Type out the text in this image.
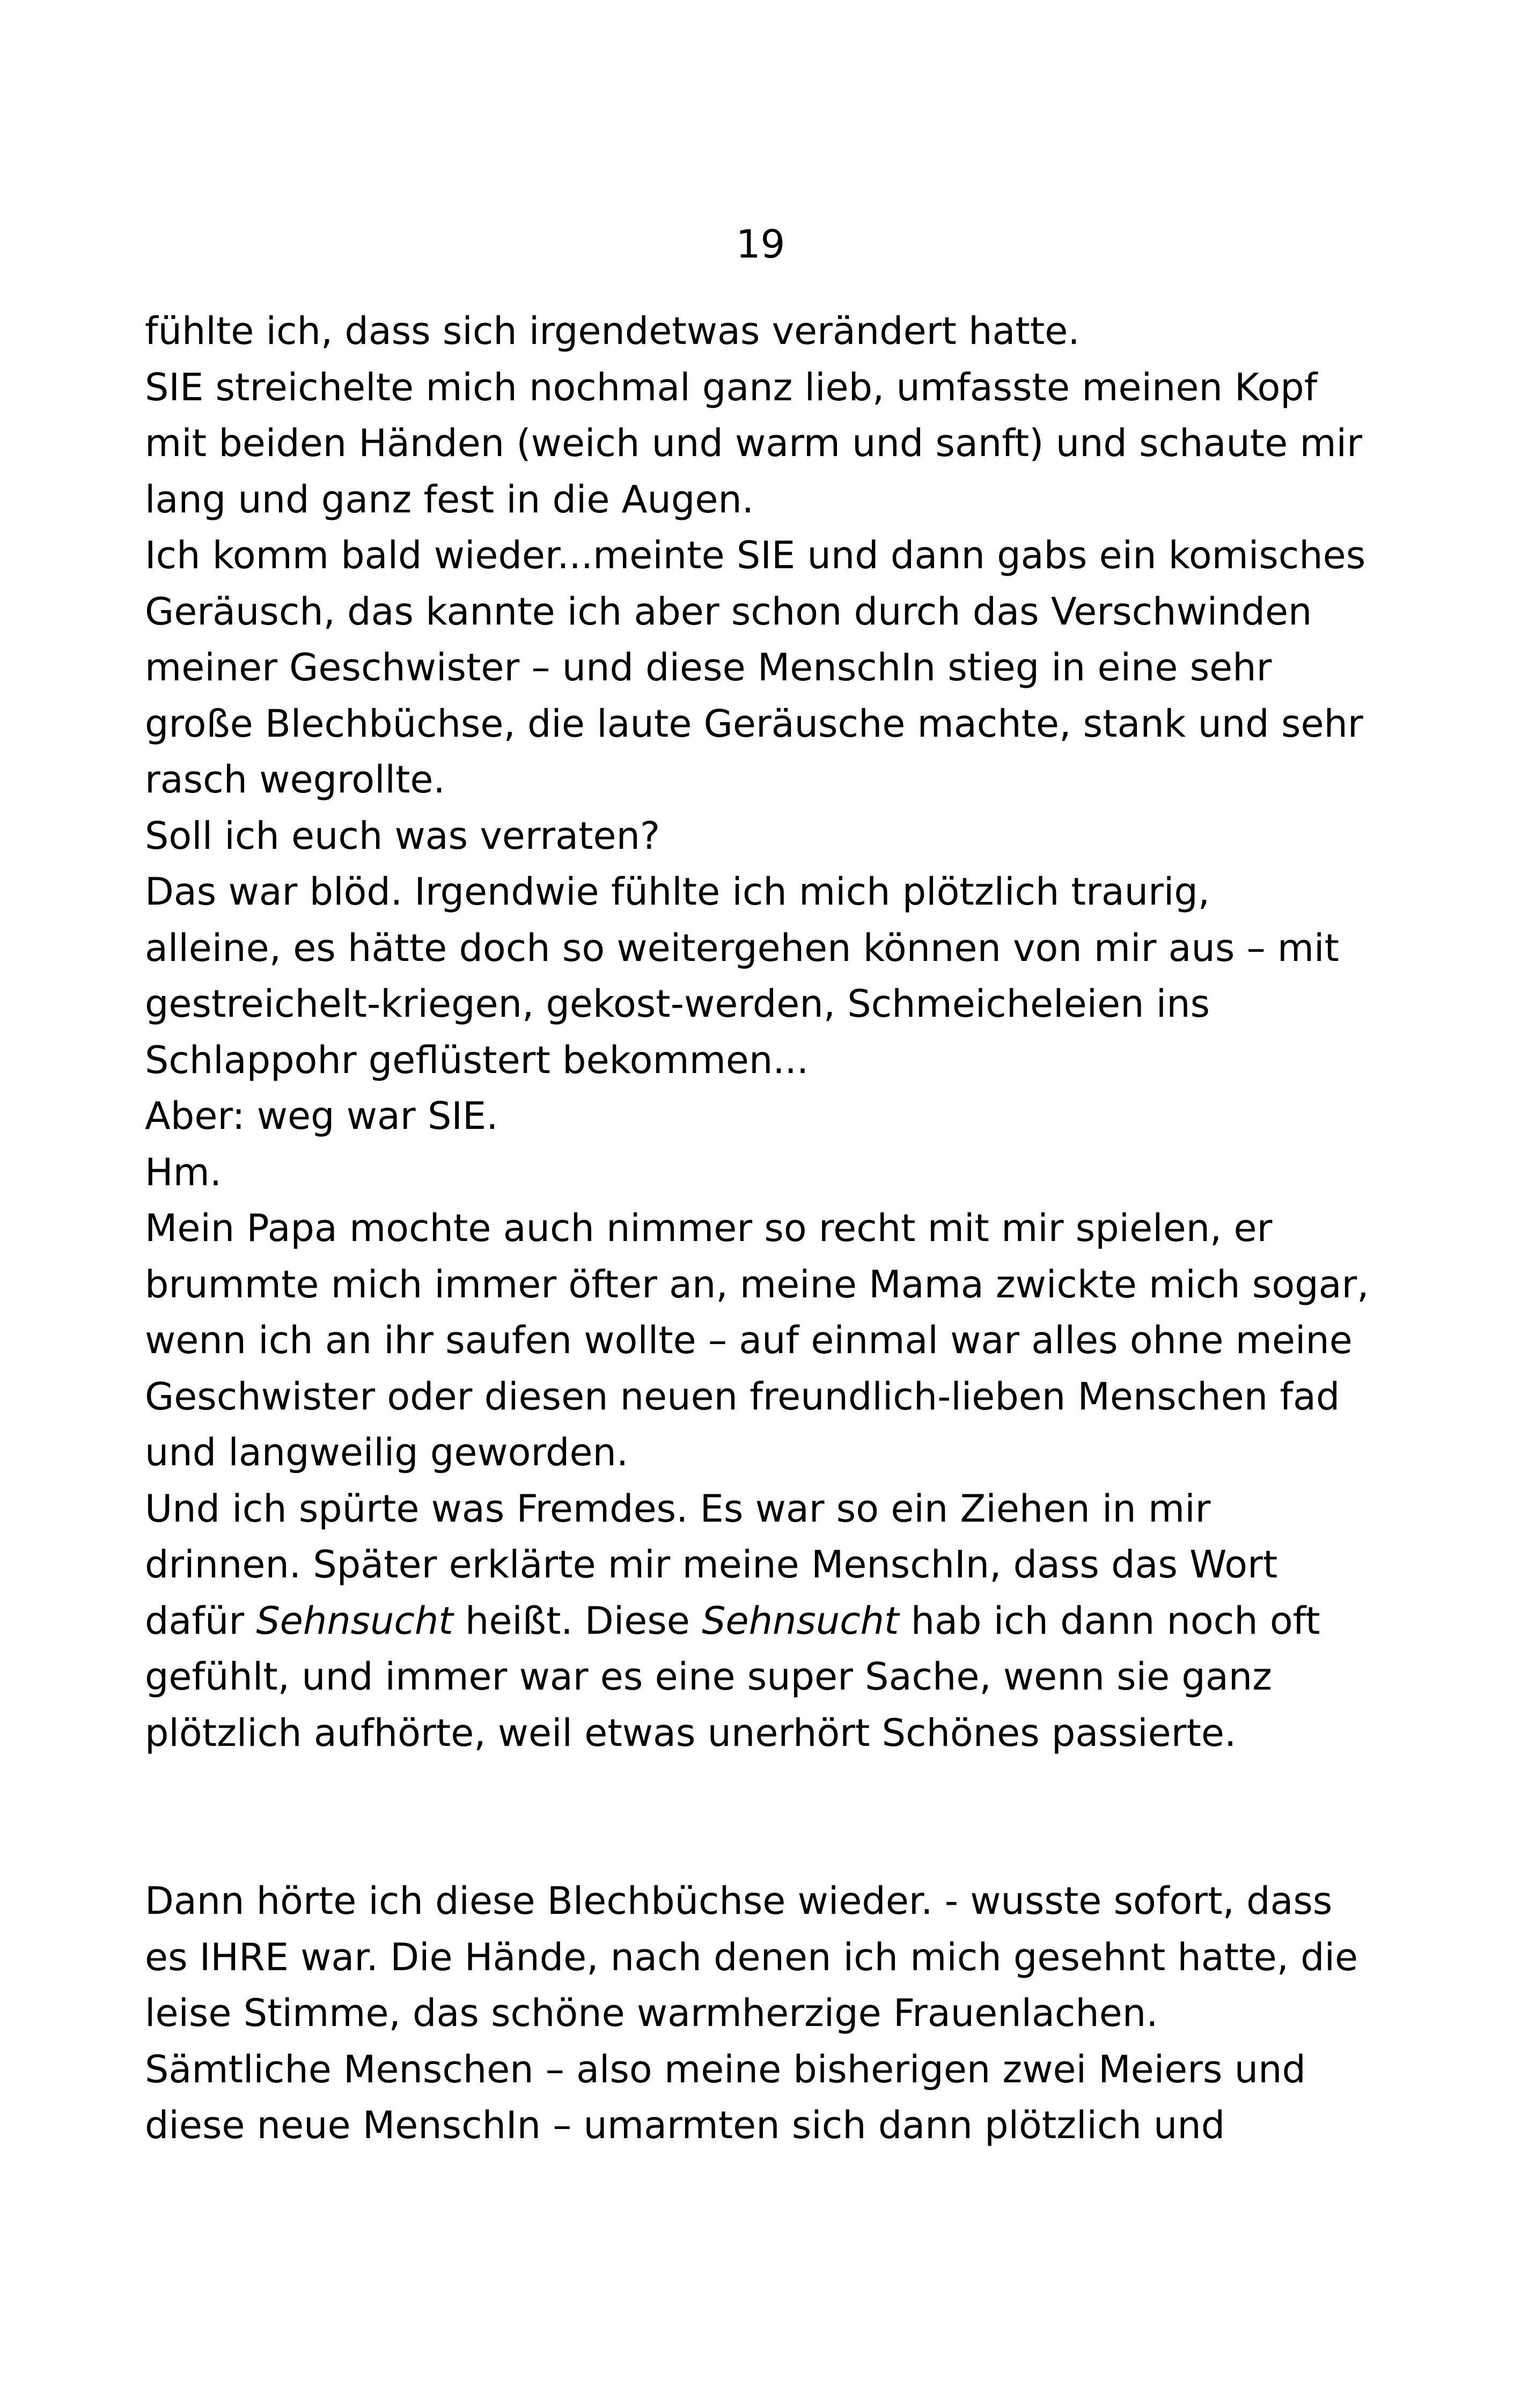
19
fühlte ich, dass sich irgendetwas verändert hatte.
SIE streichelte mich nochmal ganz lieb, umfasste meinen Kopf
mit beiden Händen (weich und warm und sanft) und schaute mir
lang und ganz fest in die Augen.
Ich komm bald wieder...meinte SIE und dann gabs ein komisches
Geräusch, das kannte ich aber schon durch das Verschwinden
meiner Geschwister – und diese MenschIn stieg in eine sehr
große Blechbüchse, die laute Geräusche machte, stank und sehr
rasch wegrollte.
Soll ich euch was verraten?
Das war blöd. Irgendwie fühlte ich mich plötzlich traurig,
alleine, es hätte doch so weitergehen können von mir aus – mit
gestreichelt-kriegen, gekost-werden, Schmeicheleien ins
Schlappohr geflüstert bekommen...
Aber: weg war SIE.
Hm.
Mein Papa mochte auch nimmer so recht mit mir spielen, er
brummte mich immer öfter an, meine Mama zwickte mich sogar,
wenn ich an ihr saufen wollte – auf einmal war alles ohne meine
Geschwister oder diesen neuen freundlich-lieben Menschen fad
und langweilig geworden.
Und ich spürte was Fremdes. Es war so ein Ziehen in mir
drinnen. Später erklärte mir meine MenschIn, dass das Wort
dafür Sehnsucht heißt. Diese Sehnsucht hab ich dann noch oft
gefühlt, und immer war es eine super Sache, wenn sie ganz
plötzlich aufhörte, weil etwas unerhört Schönes passierte.
Dann hörte ich diese Blechbüchse wieder. - wusste sofort, dass
es IHRE war. Die Hände, nach denen ich mich gesehnt hatte, die
leise Stimme, das schöne warmherzige Frauenlachen.
Sämtliche Menschen – also meine bisherigen zwei Meiers und
diese neue MenschIn – umarmten sich dann plötzlich und
